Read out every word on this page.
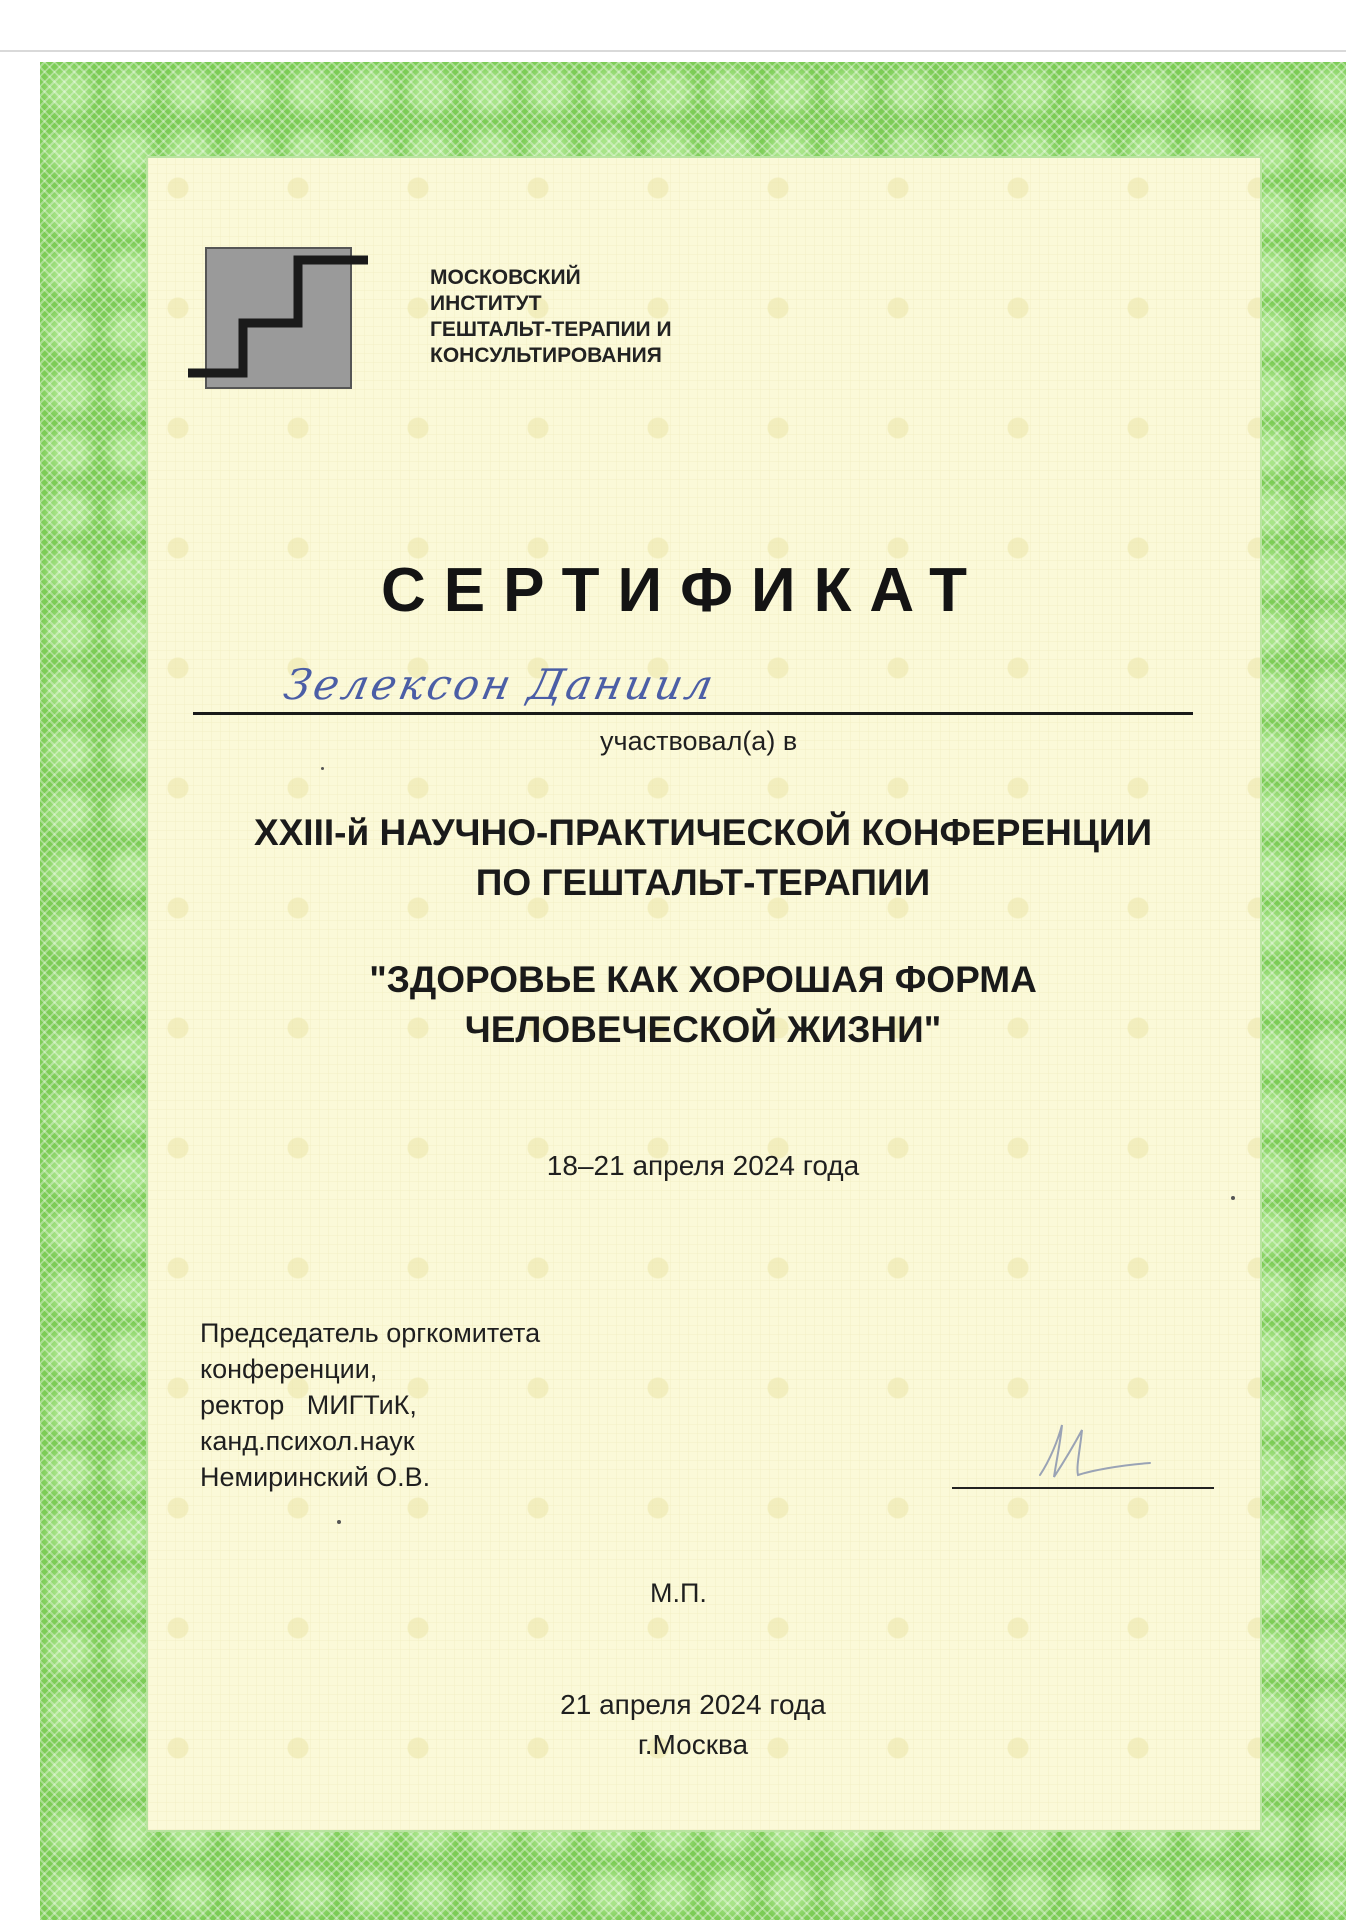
МОСКОВСКИЙ
ИНСТИТУТ
ГЕШТАЛЬТ-ТЕРАПИИ И
КОНСУЛЬТИРОВАНИЯ
СЕРТИФИКАТ
Зелексон Даниил
участвовал(а) в
XXIII-й НАУЧНО-ПРАКТИЧЕСКОЙ КОНФЕРЕНЦИИ
ПО ГЕШТАЛЬТ-ТЕРАПИИ
"ЗДОРОВЬЕ КАК ХОРОШАЯ ФОРМА
ЧЕЛОВЕЧЕСКОЙ ЖИЗНИ"
18–21 апреля 2024 года
Председатель оргкомитета
конференции,
ректор   МИГТиК,
канд.психол.наук
Немиринский О.В.
М.П.
21 апреля 2024 года
г.Москва
